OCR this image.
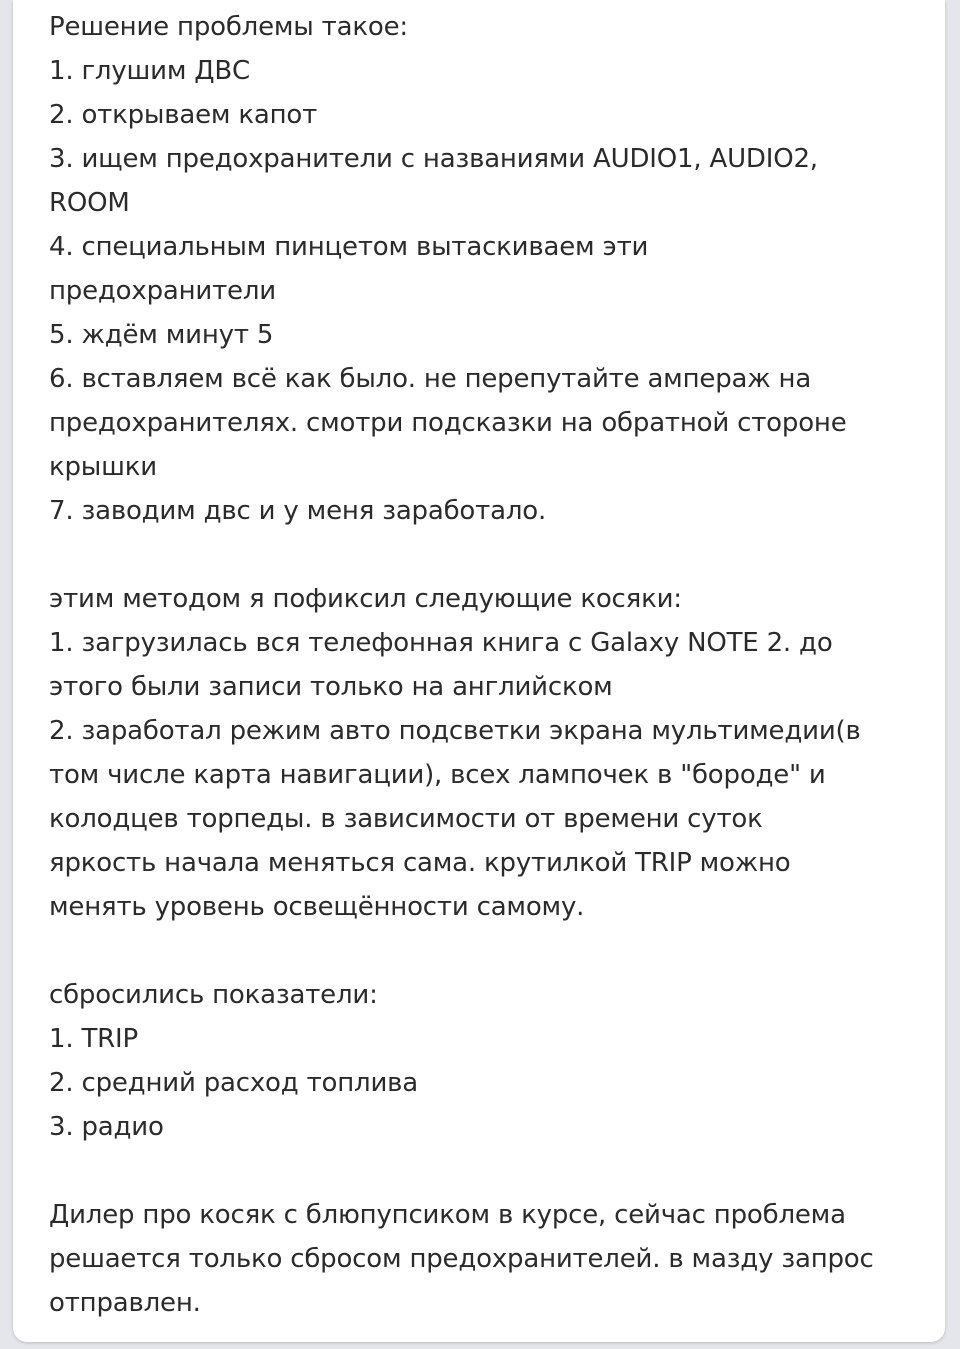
Решение проблемы такое:
1. глушим ДВС
2. открываем капот
3. ищем предохранители с названиями AUDIO1, AUDIO2,
ROOM
4. специальным пинцетом вытаскиваем эти
предохранители
5. ждём минут 5
6. вставляем всё как было. не перепутайте ампераж на
предохранителях. смотри подсказки на обратной стороне
крышки
7. заводим двс и у меня заработало.
этим методом я пофиксил следующие косяки:
1. загрузилась вся телефонная книга с Galaxy NOTE 2. до
этого были записи только на английском
2. заработал режим авто подсветки экрана мультимедии(в
том числе карта навигации), всех лампочек в "бороде" и
колодцев торпеды. в зависимости от времени суток
яркость начала меняться сама. крутилкой TRIP можно
менять уровень освещённости самому.
сбросились показатели:
1. TRIP
2. средний расход топлива
3. радио
Дилер про косяк с блюпупсиком в курсе, сейчас проблема
решается только сбросом предохранителей. в мазду запрос
отправлен.
